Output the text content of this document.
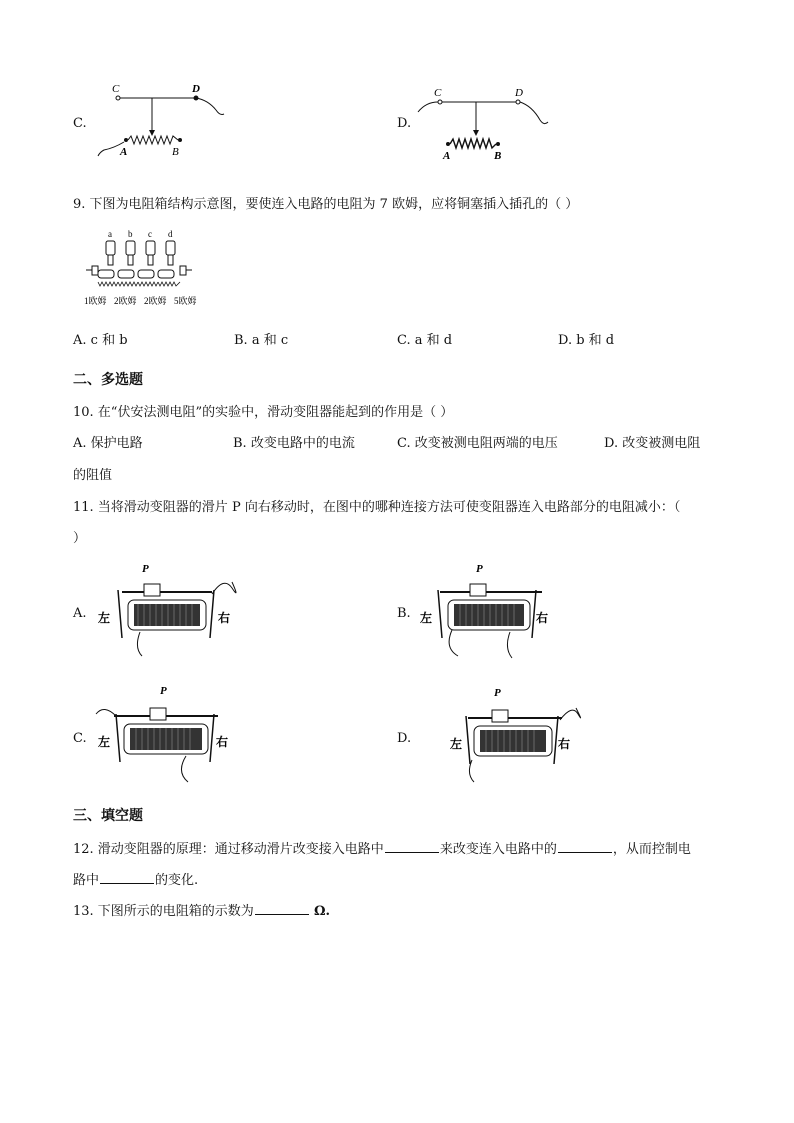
C.
C	D
A	B
D.
C	D
A	B
9. 下图为电阻箱结构示意图，要使连入电路的电阻为 7 欧姆，应将铜塞插入插孔的（ ）
a b c d
1欧姆 2欧姆 2欧姆 5欧姆
A. c 和 b	B. a 和 c	C. a 和 d	D. b 和 d
二、多选题
10. 在“伏安法测电阻”的实验中，滑动变阻器能起到的作用是（ ）
A. 保护电路	B. 改变电路中的电流	C. 改变被测电阻两端的电压	D. 改变被测电阻
的阻值
11. 当将滑动变阻器的滑片 P 向右移动时，在图中的哪种连接方法可使变阻器连入电路部分的电阻减小：（
）
A.
P
左	右	B.
P
左	右
C.
P
左	右	D.
P
左	右
三、填空题
12. 滑动变阻器的原理：通过移动滑片改变接入电路中	来改变连入电路中的	，从而控制电
路中	的变化.
13. 下图所示的电阻箱的示数为	Ω.
